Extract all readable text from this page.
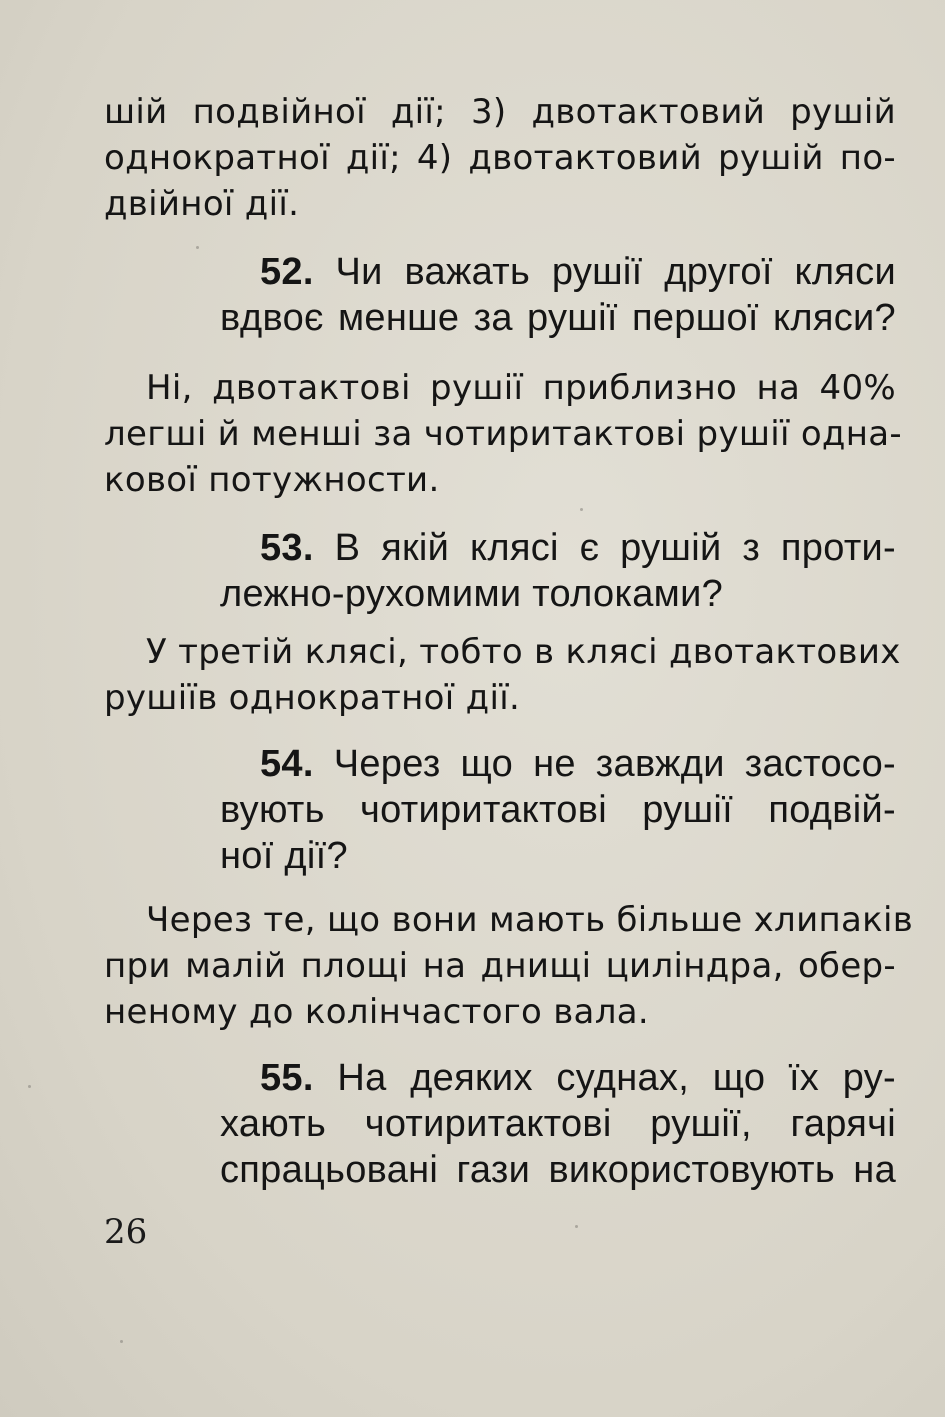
шій подвійної дії; 3) двотактовий рушій
однократної дії; 4) двотактовий рушій по-
двійної дії.
52. Чи важать рушії другої кляси
вдвоє менше за рушії першої кляси?
Ні, двотактові рушії приблизно на 40%
легші й менші за чотиритактові рушії одна-
кової потужности.
53. В якій клясі є рушій з проти-
лежно-рухомими толоками?
У третій клясі, тобто в клясі двотактових
рушіїв однократної дії.
54. Через що не завжди застосо-
вують чотиритактові рушії подвій-
ної дії?
Через те, що вони мають більше хлипаків
при малій площі на днищі циліндра, обер-
неному до колінчастого вала.
55. На деяких суднах, що їх ру-
хають чотиритактові рушії, гарячі
спрацьовані гази використовують на
26
